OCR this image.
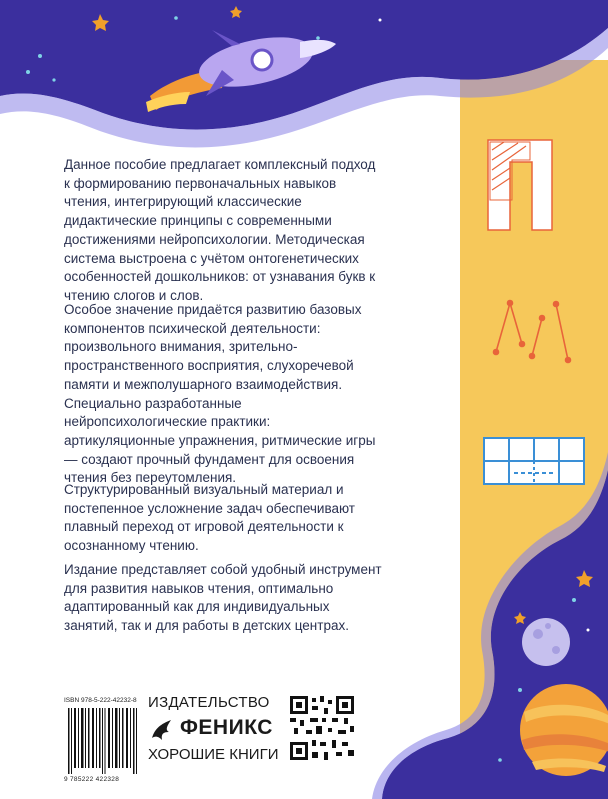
Данное пособие предлагает комплексный подход к формированию первоначальных навыков чтения, интегрирующий классические дидактические принципы с современными достижениями нейропсихологии. Методическая система выстроена с учётом онтогенетических особенностей дошкольников: от узнавания букв к чтению слогов и слов.

Особое значение придаётся развитию базовых компонентов психической деятельности: произвольного внимания, зрительно-пространственного восприятия, слухоречевой памяти и межполушарного взаимодействия. Специально разработанные нейропсихологические практики: артикуляционные упражнения, ритмические игры — создают прочный фундамент для освоения чтения без переутомления.

Структурированный визуальный материал и постепенное усложнение задач обеспечивают плавный переход от игровой деятельности к осознанному чтению.

Издание представляет собой удобный инструмент для развития навыков чтения, оптимально адаптированный как для индивидуальных занятий, так и для работы в детских центрах.

ISBN 978-5-222-42232-8
9 785222 422328
ИЗДАТЕЛЬСТВО
ФЕНИКС
ХОРОШИЕ КНИГИ
